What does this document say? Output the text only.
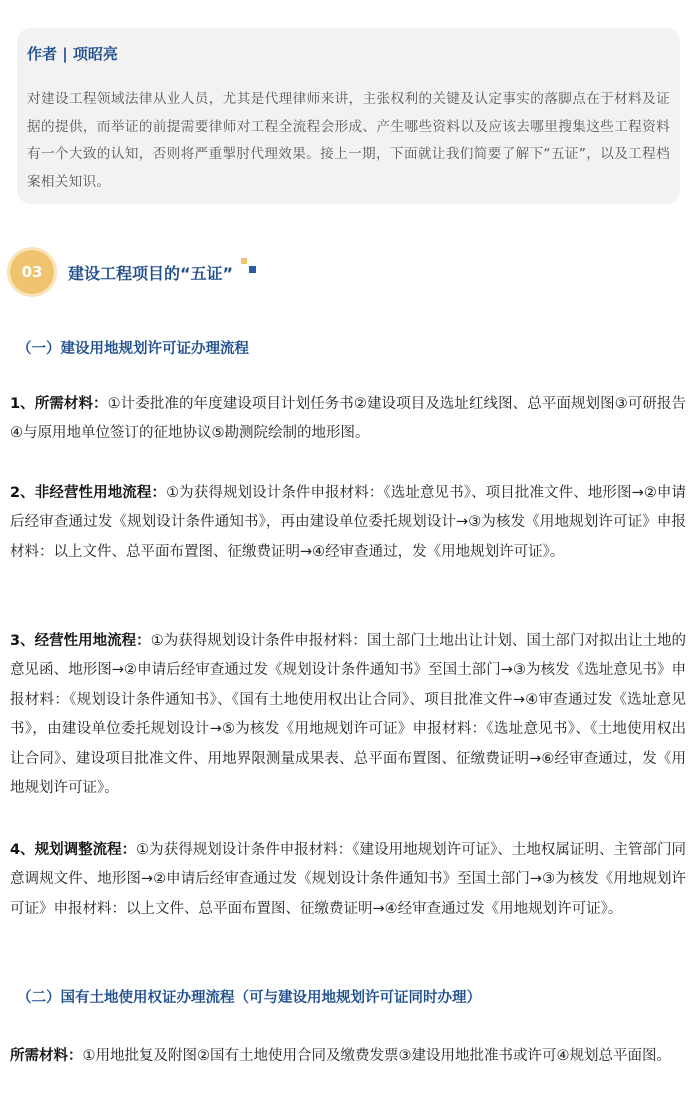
作者 | 项昭亮

对建设工程领域法律从业人员，尤其是代理律师来讲，主张权利的关键及认定事实的落脚点在于材料及证据的提供，而举证的前提需要律师对工程全流程会形成、产生哪些资料以及应该去哪里搜集这些工程资料有一个大致的认知，否则将严重掣肘代理效果。接上一期，下面就让我们简要了解下“五证”，以及工程档案相关知识。

03	建设工程项目的“五证”

（一）建设用地规划许可证办理流程

1、所需材料：①计委批准的年度建设项目计划任务书②建设项目及选址红线图、总平面规划图③可研报告④与原用地单位签订的征地协议⑤勘测院绘制的地形图。

2、非经营性用地流程：①为获得规划设计条件申报材料：《选址意见书》、项目批准文件、地形图→②申请后经审查通过发《规划设计条件通知书》，再由建设单位委托规划设计→③为核发《用地规划许可证》申报材料：以上文件、总平面布置图、征缴费证明→④经审查通过，发《用地规划许可证》。

3、经营性用地流程：①为获得规划设计条件申报材料：国土部门土地出让计划、国土部门对拟出让土地的意见函、地形图→②申请后经审查通过发《规划设计条件通知书》至国土部门→③为核发《选址意见书》申报材料：《规划设计条件通知书》、《国有土地使用权出让合同》、项目批准文件→④审查通过发《选址意见书》，由建设单位委托规划设计→⑤为核发《用地规划许可证》申报材料：《选址意见书》、《土地使用权出让合同》、建设项目批准文件、用地界限测量成果表、总平面布置图、征缴费证明→⑥经审查通过，发《用地规划许可证》。

4、规划调整流程：①为获得规划设计条件申报材料：《建设用地规划许可证》、土地权属证明、主管部门同意调规文件、地形图→②申请后经审查通过发《规划设计条件通知书》至国土部门→③为核发《用地规划许可证》申报材料：以上文件、总平面布置图、征缴费证明→④经审查通过发《用地规划许可证》。

（二）国有土地使用权证办理流程（可与建设用地规划许可证同时办理）

所需材料：①用地批复及附图②国有土地使用合同及缴费发票③建设用地批准书或许可④规划总平面图。
